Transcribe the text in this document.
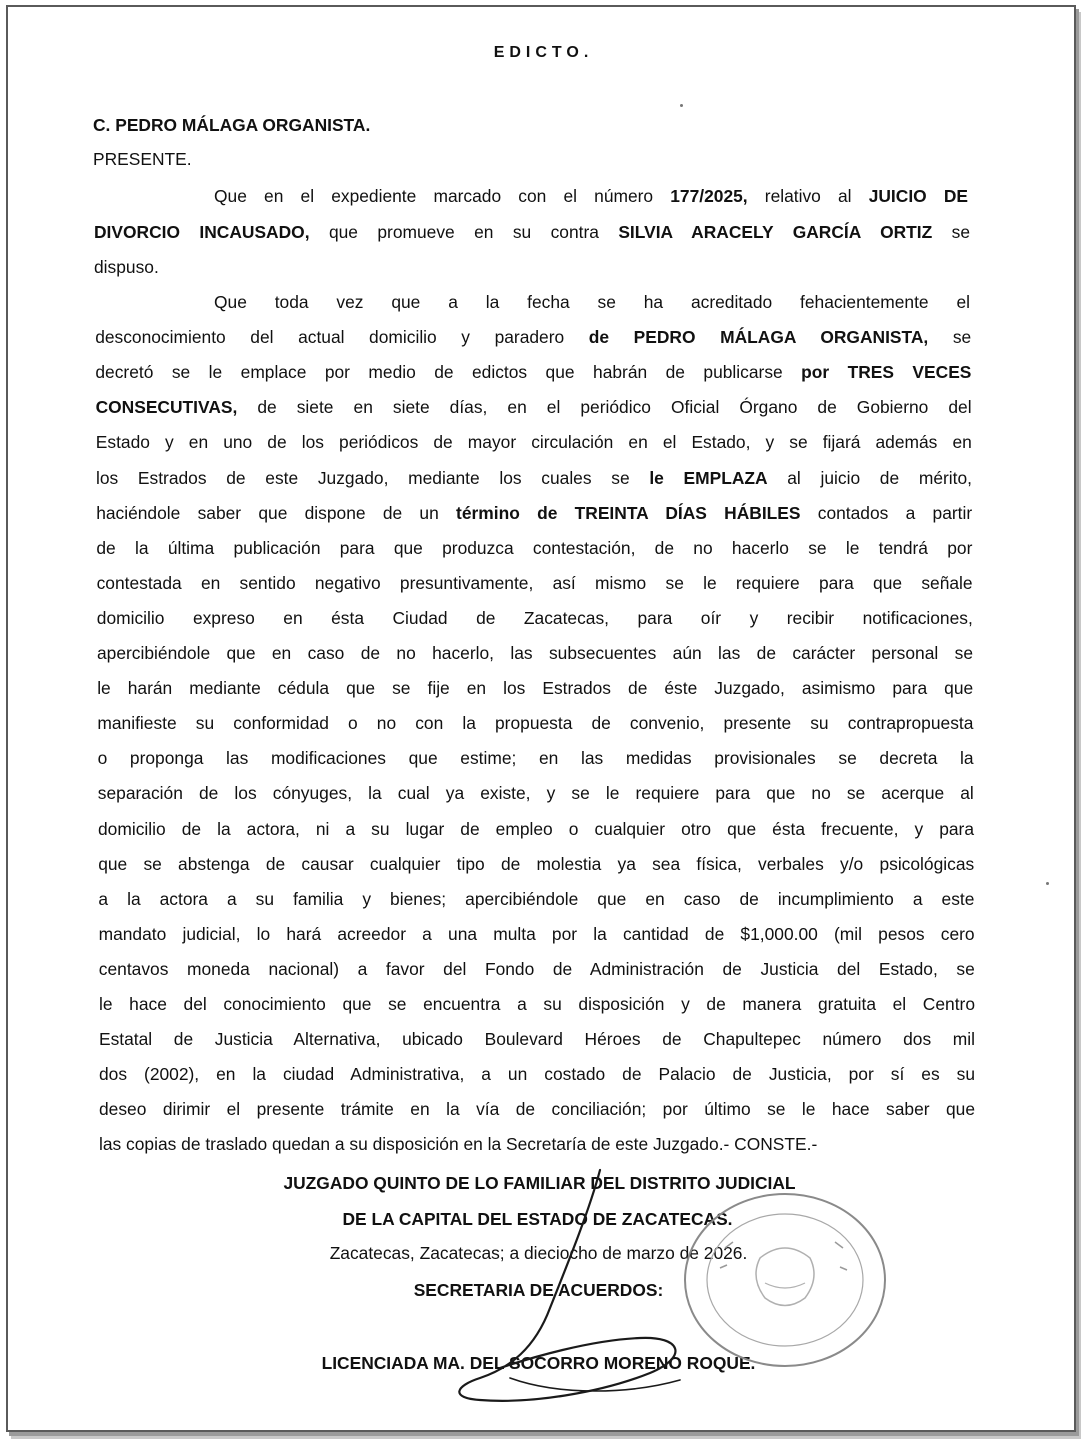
EDICTO.
C. PEDRO MÁLAGA ORGANISTA.
PRESENTE.
Que en el expediente marcado con el número 177/2025, relativo al JUICIO DE
DIVORCIO INCAUSADO, que promueve en su contra SILVIA ARACELY GARCÍA ORTIZ se
dispuso.
Que toda vez que a la fecha se ha acreditado fehacientemente el
desconocimiento del actual domicilio y paradero de PEDRO MÁLAGA ORGANISTA, se
decretó se le emplace por medio de edictos que habrán de publicarse por TRES VECES
CONSECUTIVAS, de siete en siete días, en el periódico Oficial Órgano de Gobierno del
Estado y en uno de los periódicos de mayor circulación en el Estado, y se fijará además en
los Estrados de este Juzgado, mediante los cuales se le EMPLAZA al juicio de mérito,
haciéndole saber que dispone de un término de TREINTA DÍAS HÁBILES contados a partir
de la última publicación para que produzca contestación, de no hacerlo se le tendrá por
contestada en sentido negativo presuntivamente, así mismo se le requiere para que señale
domicilio expreso en ésta Ciudad de Zacatecas, para oír y recibir notificaciones,
apercibiéndole que en caso de no hacerlo, las subsecuentes aún las de carácter personal se
le harán mediante cédula que se fije en los Estrados de éste Juzgado, asimismo para que
manifieste su conformidad o no con la propuesta de convenio, presente su contrapropuesta
o proponga las modificaciones que estime; en las medidas provisionales se decreta la
separación de los cónyuges, la cual ya existe, y se le requiere para que no se acerque al
domicilio de la actora, ni a su lugar de empleo o cualquier otro que ésta frecuente, y para
que se abstenga de causar cualquier tipo de molestia ya sea física, verbales y/o psicológicas
a la actora a su familia y bienes; apercibiéndole que en caso de incumplimiento a este
mandato judicial, lo hará acreedor a una multa por la cantidad de $1,000.00 (mil pesos cero
centavos moneda nacional) a favor del Fondo de Administración de Justicia del Estado, se
le hace del conocimiento que se encuentra a su disposición y de manera gratuita el Centro
Estatal de Justicia Alternativa, ubicado Boulevard Héroes de Chapultepec número dos mil
dos (2002), en la ciudad Administrativa, a un costado de Palacio de Justicia, por sí es su
deseo dirimir el presente trámite en la vía de conciliación; por último se le hace saber que
las copias de traslado quedan a su disposición en la Secretaría de este Juzgado.- CONSTE.-
JUZGADO QUINTO DE LO FAMILIAR DEL DISTRITO JUDICIAL
DE LA CAPITAL DEL ESTADO DE ZACATECAS.
Zacatecas, Zacatecas; a dieciocho de marzo de 2026.
SECRETARIA DE ACUERDOS:
LICENCIADA MA. DEL SOCORRO MORENO ROQUE.
